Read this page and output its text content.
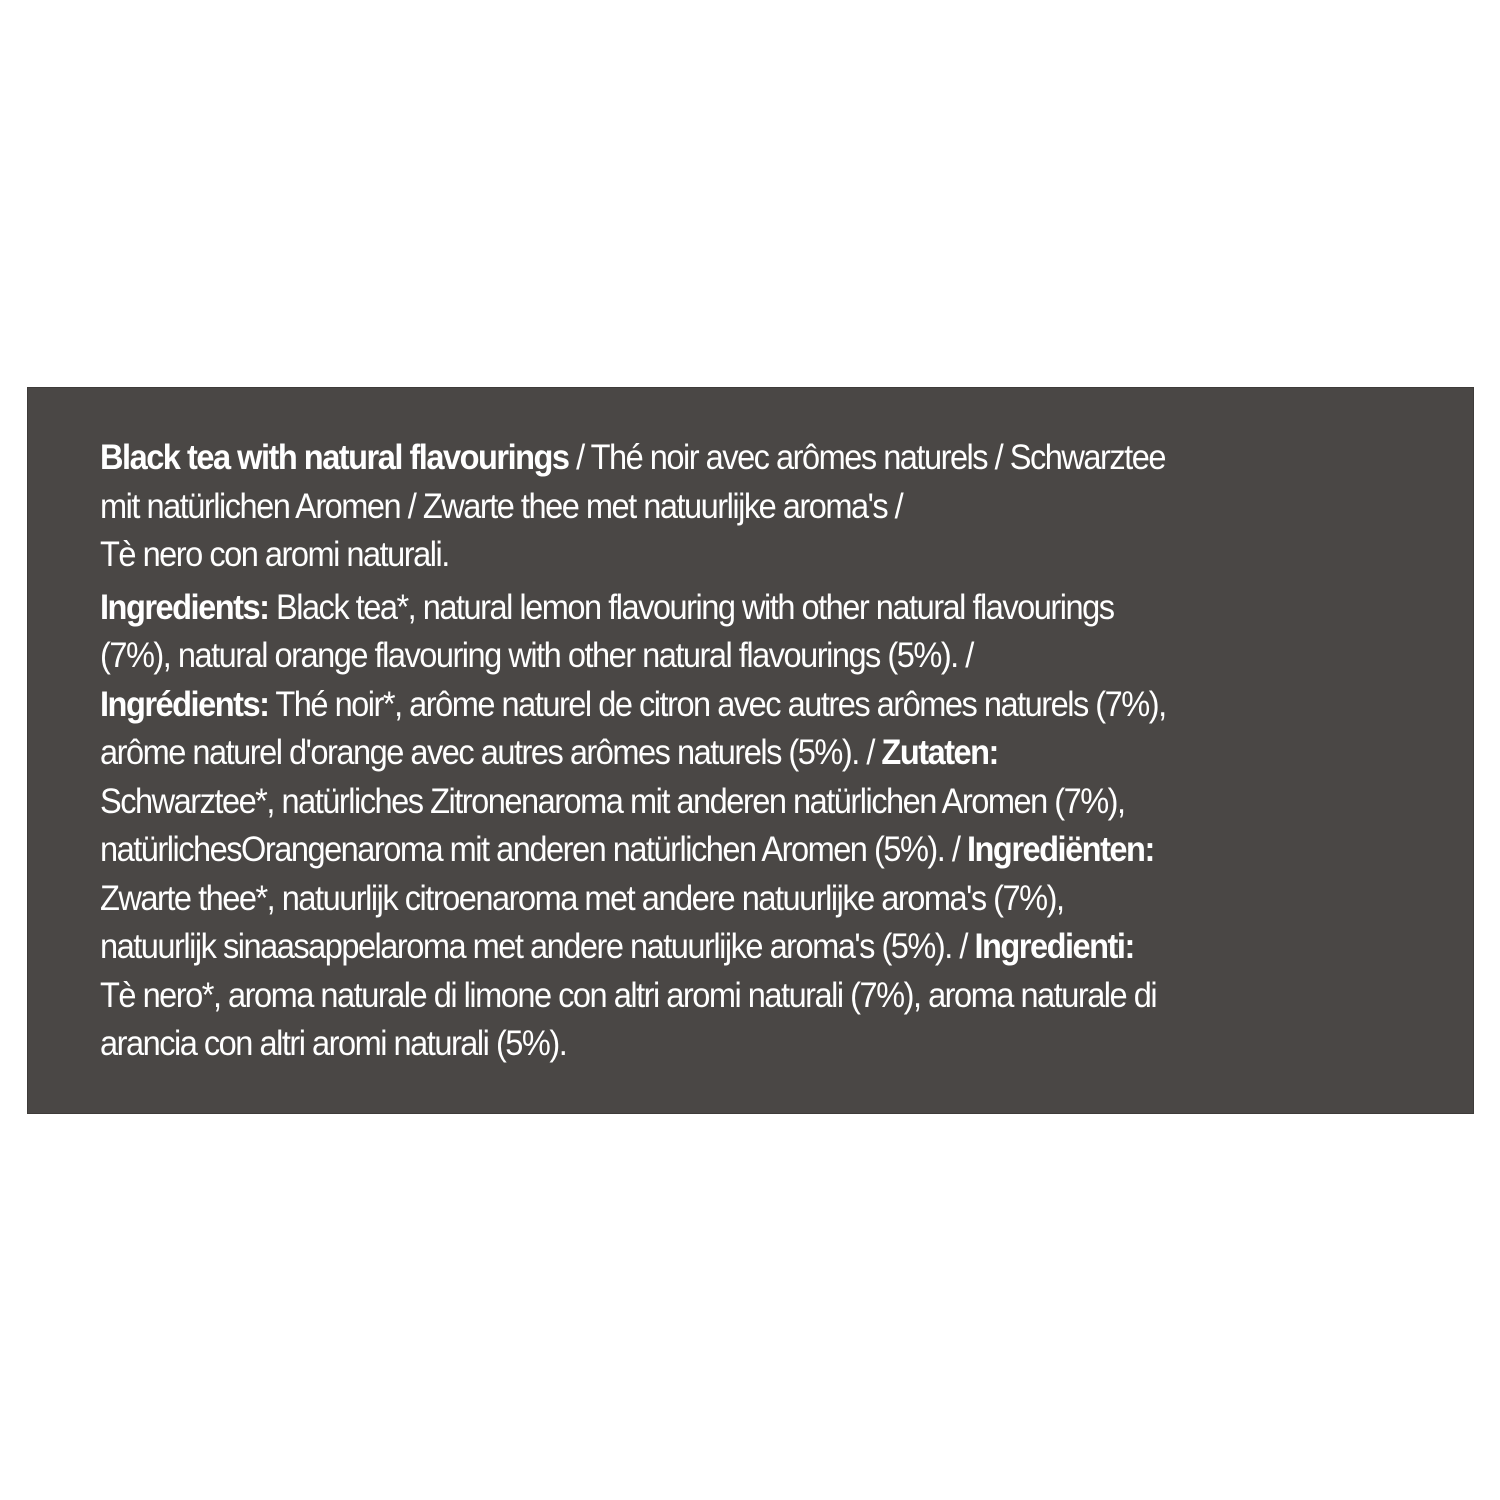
Black tea with natural flavourings / Thé noir avec arômes naturels / Schwarztee
mit natürlichen Aromen / Zwarte thee met natuurlijke aroma's /
Tè nero con aromi naturali.
Ingredients: Black tea*, natural lemon flavouring with other natural flavourings
(7%), natural orange flavouring with other natural flavourings (5%). /
Ingrédients: Thé noir*, arôme naturel de citron avec autres arômes naturels (7%),
arôme naturel d'orange avec autres arômes naturels (5%). / Zutaten:
Schwarztee*, natürliches Zitronenaroma mit anderen natürlichen Aromen (7%),
natürlichesOrangenaroma mit anderen natürlichen Aromen (5%). / Ingrediënten:
Zwarte thee*, natuurlijk citroenaroma met andere natuurlijke aroma's (7%),
natuurlijk sinaasappelaroma met andere natuurlijke aroma's (5%). / Ingredienti:
Tè nero*, aroma naturale di limone con altri aromi naturali (7%), aroma naturale di
arancia con altri aromi naturali (5%).
